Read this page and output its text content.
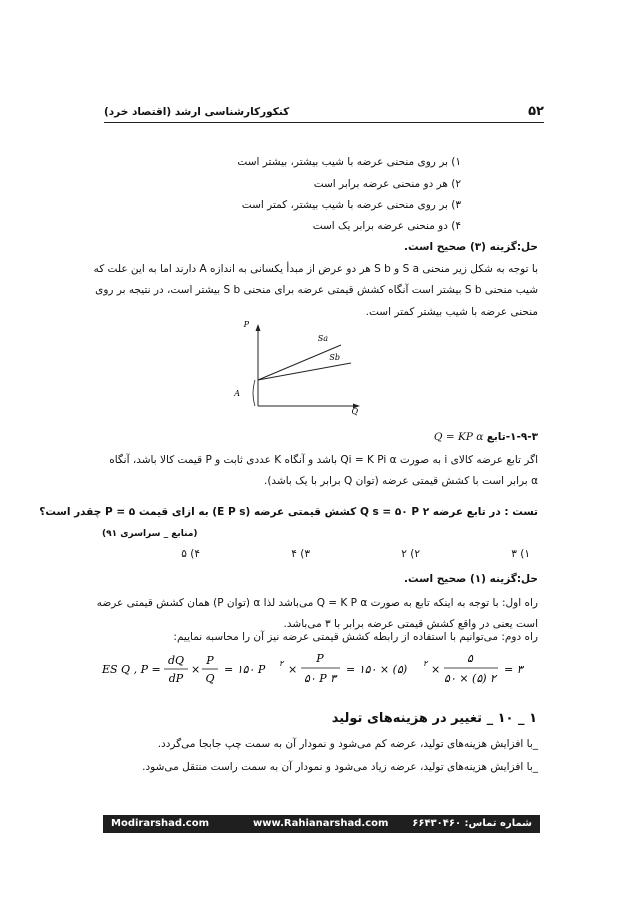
۵۲
کنکورکارشناسی ارشد (اقتصاد خرد)
۱) بر روی منحنی عرضه با شیب بیشتر، بیشتر است
۲) هر دو منحنی عرضه برابر است
۳) بر روی منحنی عرضه با شیب بیشتر، کمتر است
۴) دو منحنی عرضه برابر یک است
حل:گزینه (۳) صحیح است.
با توجه به شکل زیر منحنی S a و S b هر دو عرض از مبدأ یکسانی به اندازه A دارند اما به این علت که
شیب منحنی S b بیشتر است آنگاه کشش قیمتی عرضه برای منحنی S b بیشتر است، در نتیجه بر روی
منحنی عرضه با شیب بیشتر کمتر است.
P
Q
A
Sa
Sb
۱-۹-۳-تابع Q = KP α
اگر تابع عرضه کالای i به صورت Qi = K Pi α باشد و آنگاه K عددی ثابت و P قیمت کالا باشد، آنگاه
α برابر است با کشش قیمتی عرضه (توان Q برابر با یک باشد).
تست : در تابع عرضه Q s = ۵۰ P ۲ کشش قیمتی عرضه (E P s) به ازای قیمت P = ۵ چقدر است؟
(منابع _ سراسری ۹۱)
۳ (۱
۲ (۲
۴ (۳
۵ (۴
حل:گزینه (۱) صحیح است.
راه اول: با توجه به اینکه تابع به صورت Q = K P α می‌باشد لذا α (توان P) همان کشش قیمتی عرضه
است یعنی در واقع کشش قیمتی عرضه برابر با ۳ می‌باشد.
راه دوم: می‌توانیم با استفاده از رابطه کشش قیمتی عرضه نیز آن را محاسبه نماییم:
ES Q , P =
dQ
dP
×
P
Q
= ۱۵۰ P ۲ ×
P
۵۰ P ۳
= ۱۵۰ × (۵) ۲ ×
۵
۵۰ × (۵) ۲
= ۳
۱ _ ۱۰ _ تغییر در هزینه‌های تولید
_با افزایش هزینه‌های تولید، عرضه کم می‌شود و نمودار آن به سمت چپ جابجا می‌گردد.
_با افزایش هزینه‌های تولید، عرضه زیاد می‌شود و نمودار آن به سمت راست منتقل می‌شود.
شماره تماس: ۶۶۴۳۰۴۶۰
www.Rahianarshad.com
Modirarshad.com
